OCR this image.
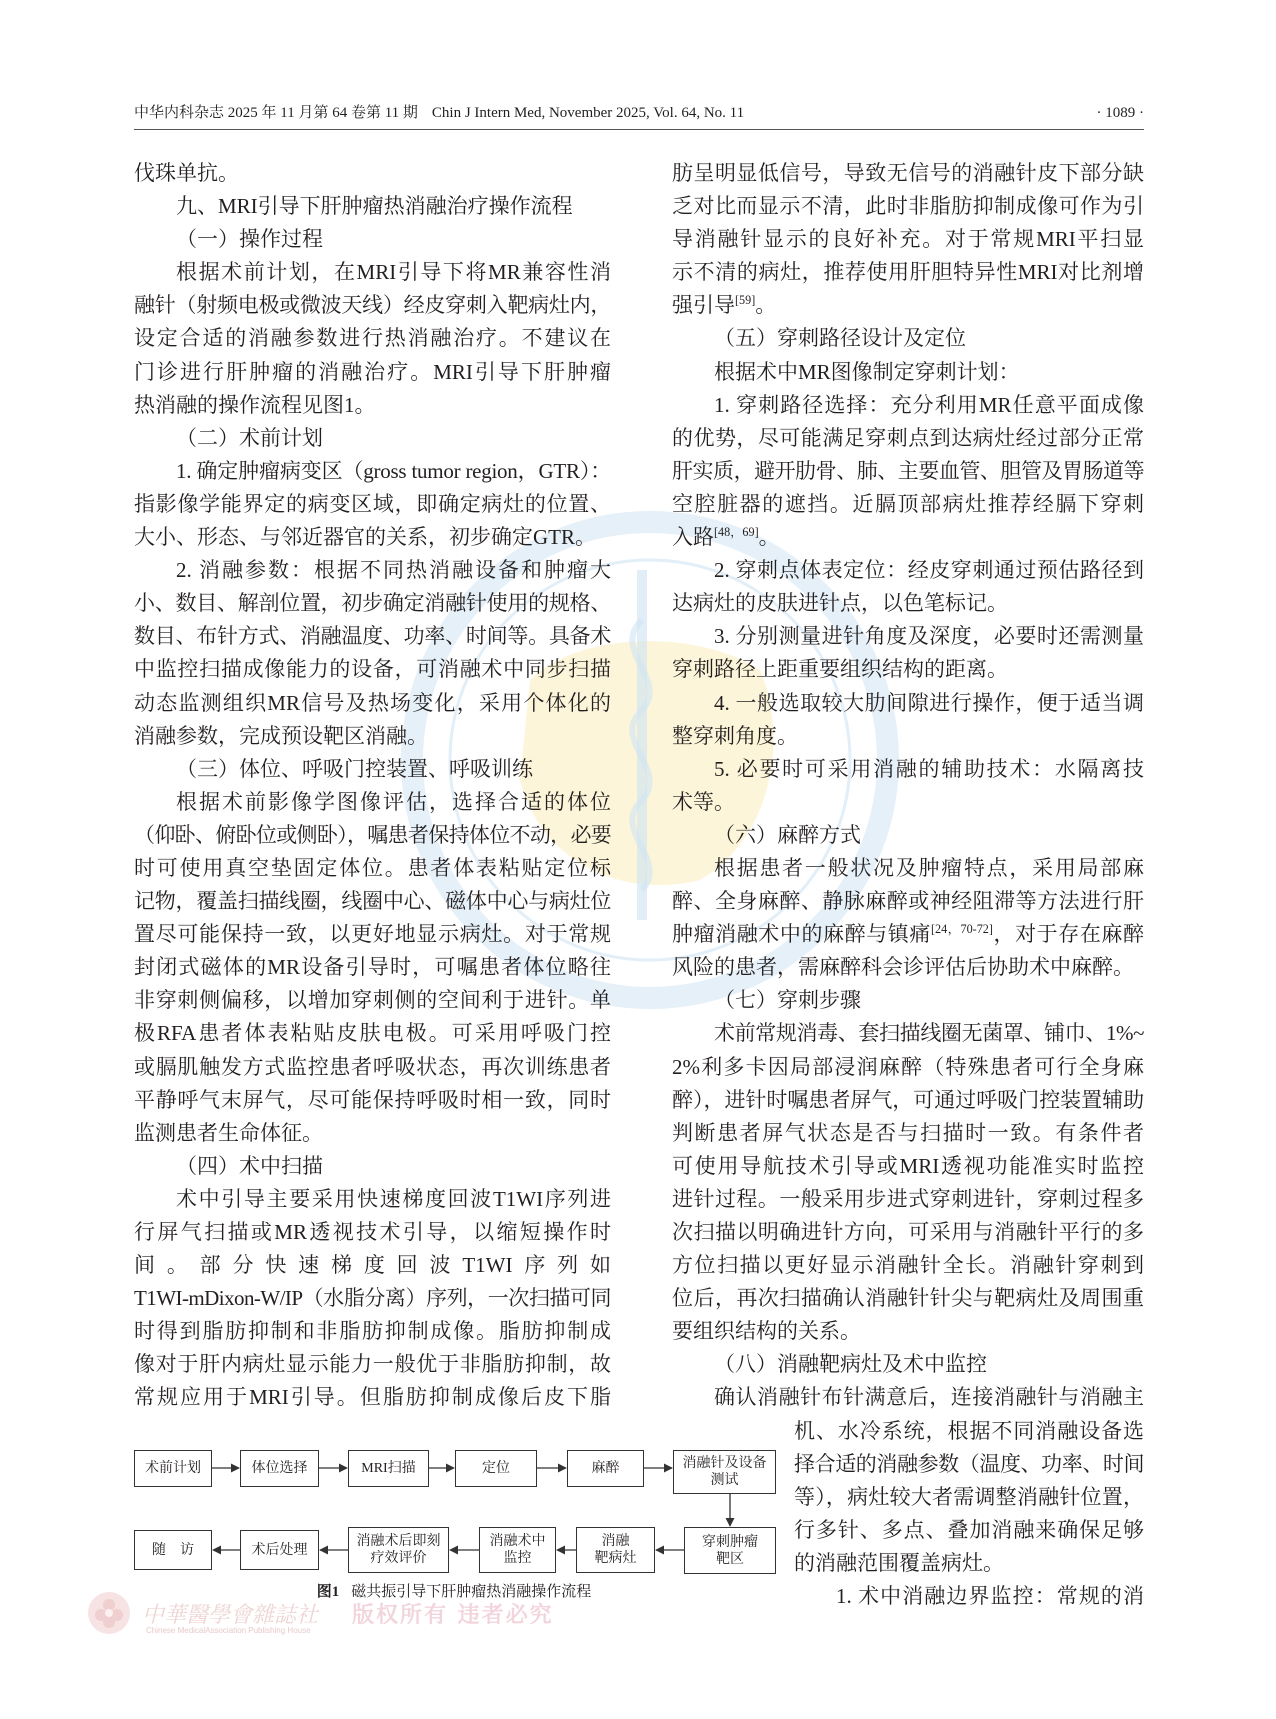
中华内科杂志 2025 年 11 月第 64 卷第 11 期 Chin J Intern Med, November 2025, Vol. 64, No. 11	· 1089 ·
伐珠单抗。
九、MRI引导下肝肿瘤热消融治疗操作流程
（一）操作过程
根据术前计划，在MRI引导下将MR兼容性消
融针（射频电极或微波天线）经皮穿刺入靶病灶内，
设定合适的消融参数进行热消融治疗。不建议在
门诊进行肝肿瘤的消融治疗。MRI引导下肝肿瘤
热消融的操作流程见图1。
（二）术前计划
1. 确定肿瘤病变区（gross tumor region，GTR）：
指影像学能界定的病变区域，即确定病灶的位置、
大小、形态、与邻近器官的关系，初步确定GTR。
2. 消融参数：根据不同热消融设备和肿瘤大
小、数目、解剖位置，初步确定消融针使用的规格、
数目、布针方式、消融温度、功率、时间等。具备术
中监控扫描成像能力的设备，可消融术中同步扫描
动态监测组织MR信号及热场变化，采用个体化的
消融参数，完成预设靶区消融。
（三）体位、呼吸门控装置、呼吸训练
根据术前影像学图像评估，选择合适的体位
（仰卧、俯卧位或侧卧），嘱患者保持体位不动，必要
时可使用真空垫固定体位。患者体表粘贴定位标
记物，覆盖扫描线圈，线圈中心、磁体中心与病灶位
置尽可能保持一致，以更好地显示病灶。对于常规
封闭式磁体的MR设备引导时，可嘱患者体位略往
非穿刺侧偏移，以增加穿刺侧的空间利于进针。单
极RFA患者体表粘贴皮肤电极。可采用呼吸门控
或膈肌触发方式监控患者呼吸状态，再次训练患者
平静呼气末屏气，尽可能保持呼吸时相一致，同时
监测患者生命体征。
（四）术中扫描
术中引导主要采用快速梯度回波T1WI序列进
行屏气扫描或MR透视技术引导，以缩短操作时
间。部分快速梯度回波T1WI序列如
T1WI-mDixon-W/IP（水脂分离）序列，一次扫描可同
时得到脂肪抑制和非脂肪抑制成像。脂肪抑制成
像对于肝内病灶显示能力一般优于非脂肪抑制，故
常规应用于MRI引导。但脂肪抑制成像后皮下脂
肪呈明显低信号，导致无信号的消融针皮下部分缺
乏对比而显示不清，此时非脂肪抑制成像可作为引
导消融针显示的良好补充。对于常规MRI平扫显
示不清的病灶，推荐使用肝胆特异性MRI对比剂增
强引导[59]。
（五）穿刺路径设计及定位
根据术中MR图像制定穿刺计划：
1. 穿刺路径选择：充分利用MR任意平面成像
的优势，尽可能满足穿刺点到达病灶经过部分正常
肝实质，避开肋骨、肺、主要血管、胆管及胃肠道等
空腔脏器的遮挡。近膈顶部病灶推荐经膈下穿刺
入路[48，69]。
2. 穿刺点体表定位：经皮穿刺通过预估路径到
达病灶的皮肤进针点，以色笔标记。
3. 分别测量进针角度及深度，必要时还需测量
穿刺路径上距重要组织结构的距离。
4. 一般选取较大肋间隙进行操作，便于适当调
整穿刺角度。
5. 必要时可采用消融的辅助技术：水隔离技
术等。
（六）麻醉方式
根据患者一般状况及肿瘤特点，采用局部麻
醉、全身麻醉、静脉麻醉或神经阻滞等方法进行肝
肿瘤消融术中的麻醉与镇痛[24，70-72]，对于存在麻醉
风险的患者，需麻醉科会诊评估后协助术中麻醉。
（七）穿刺步骤
术前常规消毒、套扫描线圈无菌罩、铺巾、1%~
2%利多卡因局部浸润麻醉（特殊患者可行全身麻
醉），进针时嘱患者屏气，可通过呼吸门控装置辅助
判断患者屏气状态是否与扫描时一致。有条件者
可使用导航技术引导或MRI透视功能准实时监控
进针过程。一般采用步进式穿刺进针，穿刺过程多
次扫描以明确进针方向，可采用与消融针平行的多
方位扫描以更好显示消融针全长。消融针穿刺到
位后，再次扫描确认消融针针尖与靶病灶及周围重
要组织结构的关系。
（八）消融靶病灶及术中监控
确认消融针布针满意后，连接消融针与消融主
机、水冷系统，根据不同消融设备选
择合适的消融参数（温度、功率、时间
等），病灶较大者需调整消融针位置，
行多针、多点、叠加消融来确保足够
的消融范围覆盖病灶。
1. 术中消融边界监控：常规的消
术前计划	体位选择	MRI扫描	定位	麻醉	消融针及设备
测试
穿刺肿瘤
靶区
消融
靶病灶
消融术中
监控
消融术后即刻
疗效评价
术后处理
随访
图1 磁共振引导下肝肿瘤热消融操作流程
中華醫學會雜誌社
Chinese MedicalAssociation Publishing House
版权所有 违者必究
